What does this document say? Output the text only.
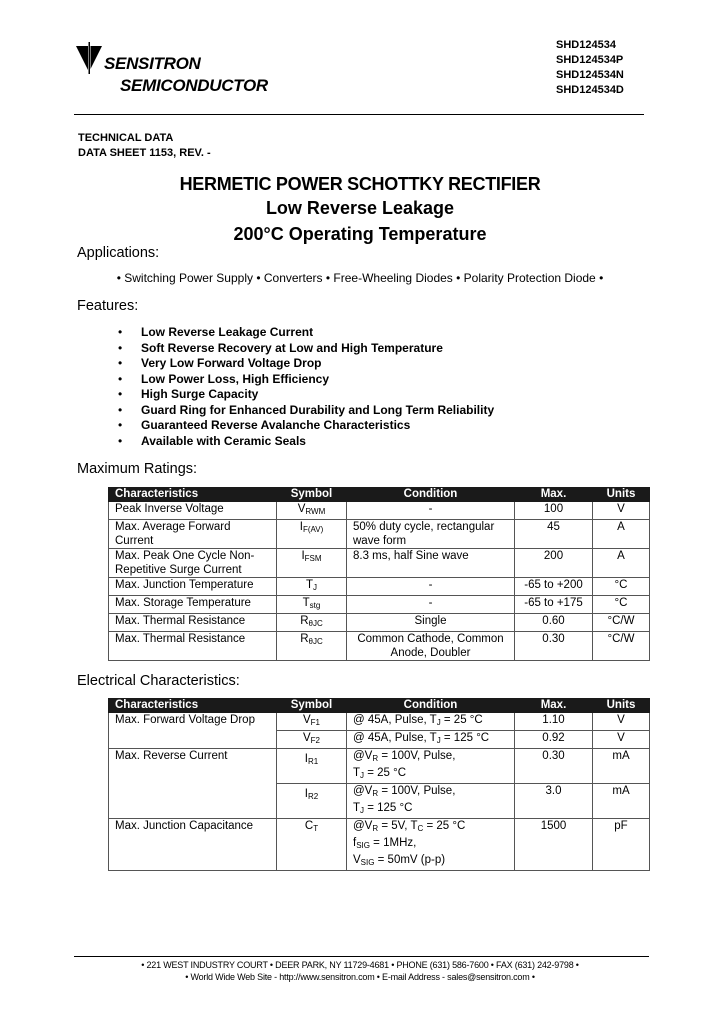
SENSITRON
SEMICONDUCTOR
SHD124534
SHD124534P
SHD124534N
SHD124534D
TECHNICAL DATA
DATA SHEET 1153, REV. -
HERMETIC POWER SCHOTTKY RECTIFIER
Low Reverse Leakage
200°C Operating Temperature
Applications:
• Switching Power Supply • Converters • Free-Wheeling Diodes • Polarity Protection Diode •
Features:
• Low Reverse Leakage Current
• Soft Reverse Recovery at Low and High Temperature
• Very Low Forward Voltage Drop
• Low Power Loss, High Efficiency
• High Surge Capacity
• Guard Ring for Enhanced Durability and Long Term Reliability
• Guaranteed Reverse Avalanche Characteristics
• Available with Ceramic Seals
Maximum Ratings:
Characteristics	Symbol	Condition	Max.	Units
Peak Inverse Voltage	$V_{RWM}$	-	100	V
Max. Average Forward Current	$I_{F(AV)}$	50% duty cycle, rectangular wave form	45	A
Max. Peak One Cycle Non-Repetitive Surge Current	$I_{FSM}$	8.3 ms, half Sine wave	200	A
Max. Junction Temperature	$T_J$	-	-65 to +200	°C
Max. Storage Temperature	$T_{stg}$	-	-65 to +175	°C
Max. Thermal Resistance	$R_{\theta JC}$	Single	0.60	°C/W
Max. Thermal Resistance	$R_{\theta JC}$	Common Cathode, Common Anode, Doubler	0.30	°C/W
Electrical Characteristics:
Characteristics	Symbol	Condition	Max.	Units
Max. Forward Voltage Drop	$V_{F1}$	@ 45A, Pulse, $T_J = 25$ °C	1.10	V
	$V_{F2}$	@ 45A, Pulse, $T_J = 125$ °C	0.92	V
Max. Reverse Current	$I_{R1}$	$@V_R = 100V$, Pulse,
$T_J = 25$ °C	0.30	mA
	$I_{R2}$	$@V_R = 100V$, Pulse,
$T_J = 125$ °C	3.0	mA
Max. Junction Capacitance	$C_T$	$@V_R = 5V$, $T_C = 25$ °C
$f_{SIG} = 1MHz$,
$V_{SIG} = 50mV$ (p-p)	1500	pF
• 221 WEST INDUSTRY COURT • DEER PARK, NY 11729-4681 • PHONE (631) 586-7600 • FAX (631) 242-9798 •
• World Wide Web Site - http://www.sensitron.com • E-mail Address - sales@sensitron.com •
